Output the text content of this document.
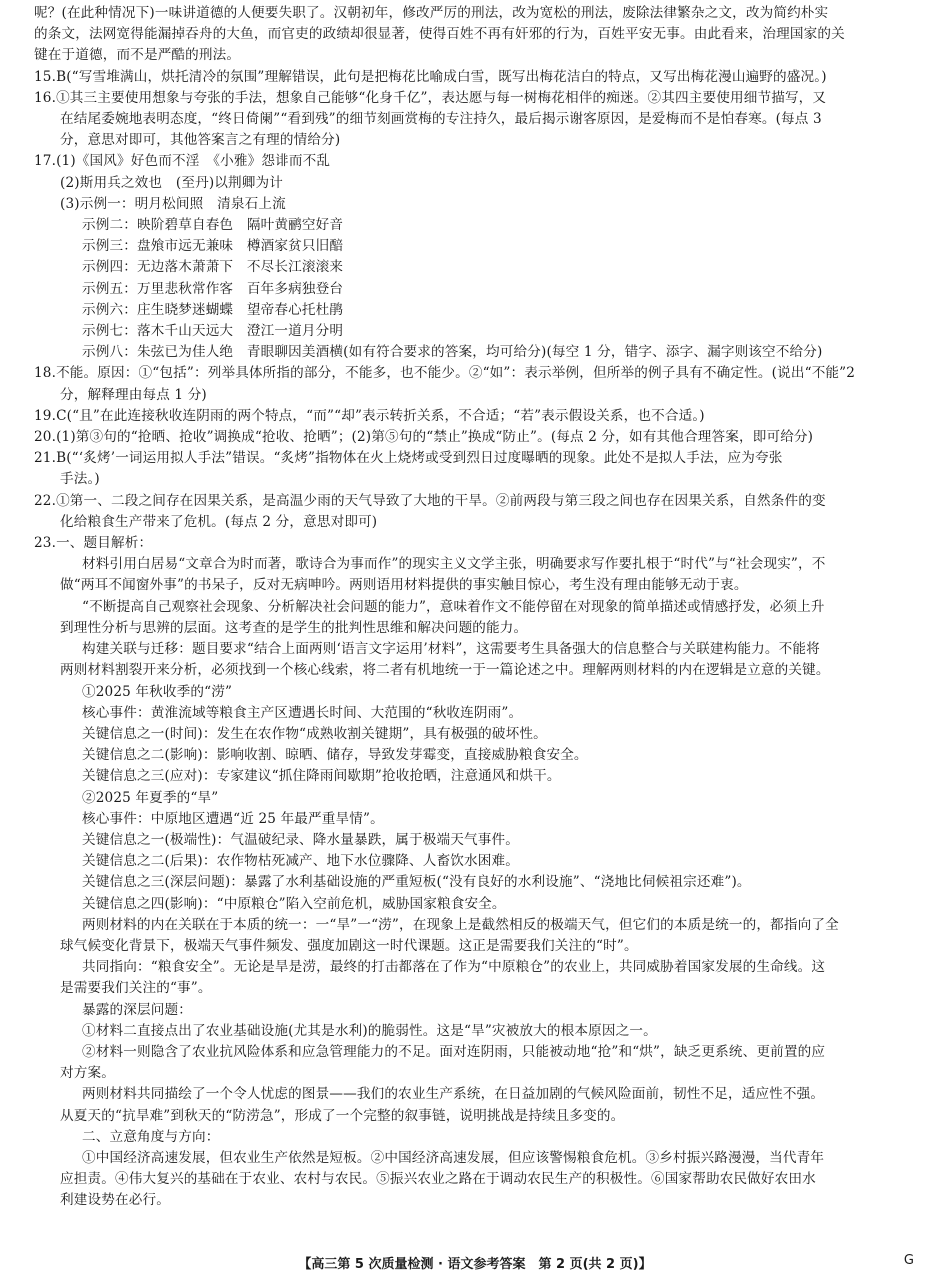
呢？(在此种情况下)一味讲道德的人便要失职了。汉朝初年，修改严厉的刑法，改为宽松的刑法，废除法律繁杂之文，改为简约朴实

的条文，法网宽得能漏掉吞舟的大鱼，而官吏的政绩却很显著，使得百姓不再有奸邪的行为，百姓平安无事。由此看来，治理国家的关

键在于道德，而不是严酷的刑法。

15.B(“写雪堆满山，烘托清冷的氛围”理解错误，此句是把梅花比喻成白雪，既写出梅花洁白的特点，又写出梅花漫山遍野的盛况。)

16.①其三主要使用想象与夸张的手法，想象自己能够“化身千亿”，表达愿与每一树梅花相伴的痴迷。②其四主要使用细节描写，又

在结尾委婉地表明态度，“终日倚阑”“看到残”的细节刻画赏梅的专注持久，最后揭示谢客原因，是爱梅而不是怕春寒。(每点 3

分，意思对即可，其他答案言之有理的情给分)

17.(1)《国风》好色而不淫　《小雅》怨诽而不乱

(2)斯用兵之效也　(至丹)以荆卿为计

(3)示例一：明月松间照　清泉石上流

示例二：映阶碧草自春色　隔叶黄鹂空好音

示例三：盘飧市远无兼味　樽酒家贫只旧醅

示例四：无边落木萧萧下　不尽长江滚滚来

示例五：万里悲秋常作客　百年多病独登台

示例六：庄生晓梦迷蝴蝶　望帝春心托杜鹃

示例七：落木千山天远大　澄江一道月分明

示例八：朱弦已为佳人绝　青眼聊因美酒横(如有符合要求的答案，均可给分)(每空 1 分，错字、添字、漏字则该空不给分)

18.不能。原因：①“包括”：列举具体所指的部分，不能多，也不能少。②“如”：表示举例，但所举的例子具有不确定性。(说出“不能”2

分，解释理由每点 1 分)

19.C(“且”在此连接秋收连阴雨的两个特点，“而”“却”表示转折关系，不合适；“若”表示假设关系，也不合适。)

20.(1)第③句的“抢晒、抢收”调换成“抢收、抢晒”；(2)第⑤句的“禁止”换成“防止”。(每点 2 分，如有其他合理答案，即可给分)

21.B(“‘炙烤’一词运用拟人手法”错误。“炙烤”指物体在火上烧烤或受到烈日过度曝晒的现象。此处不是拟人手法，应为夸张

手法。)

22.①第一、二段之间存在因果关系，是高温少雨的天气导致了大地的干旱。②前两段与第三段之间也存在因果关系，自然条件的变

化给粮食生产带来了危机。(每点 2 分，意思对即可)

23.一、题目解析：

材料引用白居易“文章合为时而著，歌诗合为事而作”的现实主义文学主张，明确要求写作要扎根于“时代”与“社会现实”，不

做“两耳不闻窗外事”的书呆子，反对无病呻吟。两则语用材料提供的事实触目惊心，考生没有理由能够无动于衷。

“不断提高自己观察社会现象、分析解决社会问题的能力”，意味着作文不能停留在对现象的简单描述或情感抒发，必须上升

到理性分析与思辨的层面。这考查的是学生的批判性思维和解决问题的能力。

构建关联与迁移：题目要求“结合上面两则‘语言文字运用’材料”，这需要考生具备强大的信息整合与关联建构能力。不能将

两则材料割裂开来分析，必须找到一个核心线索，将二者有机地统一于一篇论述之中。理解两则材料的内在逻辑是立意的关键。

①2025 年秋收季的“涝”

核心事件：黄淮流域等粮食主产区遭遇长时间、大范围的“秋收连阴雨”。

关键信息之一(时间)：发生在农作物“成熟收割关键期”，具有极强的破坏性。

关键信息之二(影响)：影响收割、晾晒、储存，导致发芽霉变，直接威胁粮食安全。

关键信息之三(应对)：专家建议“抓住降雨间歇期”抢收抢晒，注意通风和烘干。

②2025 年夏季的“旱”

核心事件：中原地区遭遇“近 25 年最严重旱情”。

关键信息之一(极端性)：气温破纪录、降水量暴跌，属于极端天气事件。

关键信息之二(后果)：农作物枯死减产、地下水位骤降、人畜饮水困难。

关键信息之三(深层问题)：暴露了水利基础设施的严重短板(“没有良好的水利设施”、“浇地比伺候祖宗还难”)。

关键信息之四(影响)：“中原粮仓”陷入空前危机，威胁国家粮食安全。

两则材料的内在关联在于本质的统一：一“旱”一“涝”，在现象上是截然相反的极端天气，但它们的本质是统一的，都指向了全

球气候变化背景下，极端天气事件频发、强度加剧这一时代课题。这正是需要我们关注的“时”。

共同指向：“粮食安全”。无论是旱是涝，最终的打击都落在了作为“中原粮仓”的农业上，共同威胁着国家发展的生命线。这

是需要我们关注的“事”。

暴露的深层问题：

①材料二直接点出了农业基础设施(尤其是水利)的脆弱性。这是“旱”灾被放大的根本原因之一。

②材料一则隐含了农业抗风险体系和应急管理能力的不足。面对连阴雨，只能被动地“抢”和“烘”，缺乏更系统、更前置的应

对方案。

两则材料共同描绘了一个令人忧虑的图景——我们的农业生产系统，在日益加剧的气候风险面前，韧性不足，适应性不强。

从夏天的“抗旱难”到秋天的“防涝急”，形成了一个完整的叙事链，说明挑战是持续且多变的。

二、立意角度与方向：

①中国经济高速发展，但农业生产依然是短板。②中国经济高速发展，但应该警惕粮食危机。③乡村振兴路漫漫，当代青年

应担责。④伟大复兴的基础在于农业、农村与农民。⑤振兴农业之路在于调动农民生产的积极性。⑥国家帮助农民做好农田水

利建设势在必行。

【高三第 5 次质量检测 · 语文参考答案　第 2 页(共 2 页)】	G
